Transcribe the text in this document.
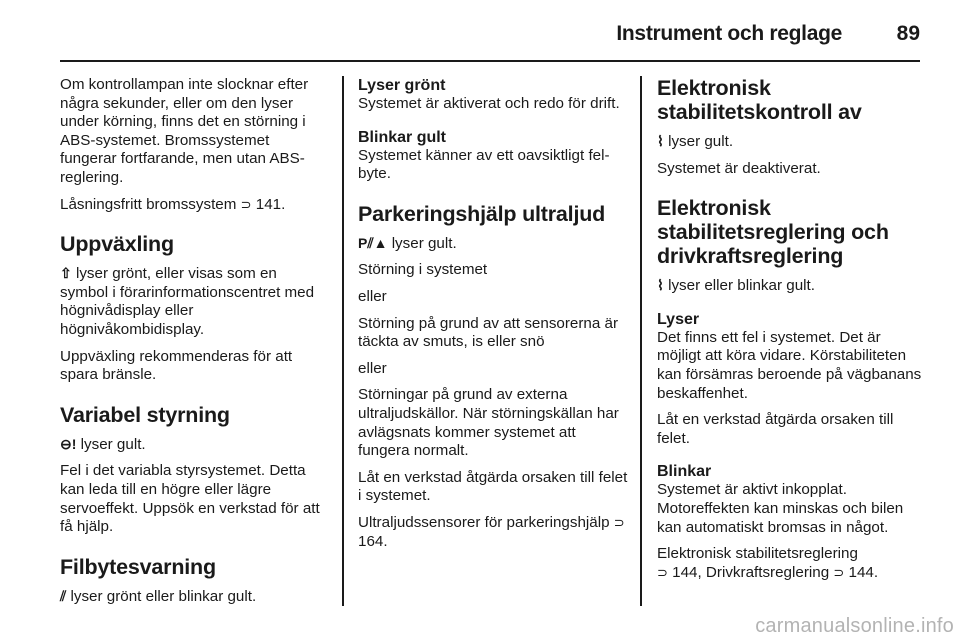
Instrument och reglage	89

Om kontrollampan inte slocknar efter några sekunder, eller om den lyser under körning, finns det en störning i ABS-systemet. Bromssystemet fungerar fortfarande, men utan ABS-reglering.

Låsningsfritt bromssystem ⊃ 141.

Uppväxling

⇧ lyser grönt, eller visas som en symbol i förarinformationscentret med högnivådisplay eller högnivåkombidisplay.

Uppväxling rekommenderas för att spara bränsle.

Variabel styrning

⊖! lyser gult.

Fel i det variabla styrsystemet. Detta kan leda till en högre eller lägre servoeffekt. Uppsök en verkstad för att få hjälp.

Filbytesvarning

⫽ lyser grönt eller blinkar gult.

Lyser grönt

Systemet är aktiverat och redo för drift.

Blinkar gult

Systemet känner av ett oavsiktligt fel-byte.

Parkeringshjälp ultraljud

P⫽▲ lyser gult.

Störning i systemet

eller

Störning på grund av att sensorerna är täckta av smuts, is eller snö

eller

Störningar på grund av externa ultraljudskällor. När störningskällan har avlägsnats kommer systemet att fungera normalt.

Låt en verkstad åtgärda orsaken till felet i systemet.

Ultraljudssensorer för parkeringshjälp ⊃ 164.

Elektronisk stabilitetskontroll av

⌇ lyser gult.

Systemet är deaktiverat.

Elektronisk stabilitetsreglering och drivkraftsreglering

⌇ lyser eller blinkar gult.

Lyser

Det finns ett fel i systemet. Det är möjligt att köra vidare. Körstabiliteten kan försämras beroende på vägbanans beskaffenhet.

Låt en verkstad åtgärda orsaken till felet.

Blinkar

Systemet är aktivt inkopplat. Motoreffekten kan minskas och bilen kan automatiskt bromsas in något.

Elektronisk stabilitetsreglering
⊃ 144, Drivkraftsreglering ⊃ 144.

carmanualsonline.info
